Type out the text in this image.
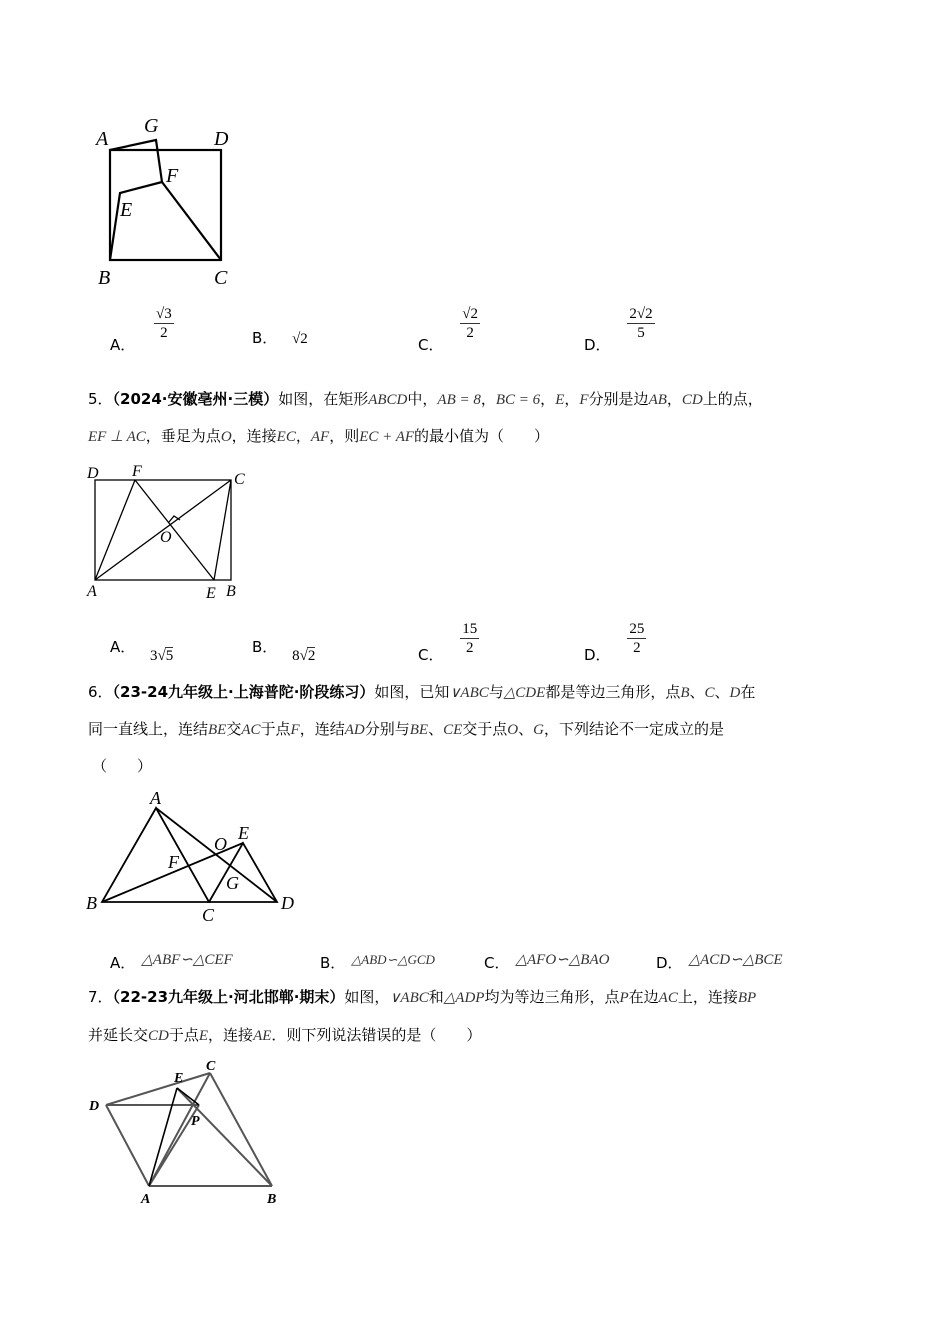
A
G
D
F
E
B	C
A．
$\frac{√3}{2}$	B． √2	C．
$\frac{√2}{2}$
D．
$\frac{2√2}{5}$
5．（2024·安徽亳州·三模）如图，在矩形ABCD中，AB = 8，BC = 6，E，F分别是边AB，CD上的点，
EF ⊥ AC，垂足为点O，连接EC，AF，则EC + AF的最小值为（　　）
D F	C
O
A	E B
A． 3√5	B． 8√2	C． $\frac{15}{2}$	D． $\frac{25}{2}$
6．（23-24九年级上·上海普陀·阶段练习）如图，已知∨ABC与△CDE都是等边三角形，点B、C、D在
同一直线上，连结BE交AC于点F，连结AD分别与BE、CE交于点O、G，下列结论不一定成立的是
（　　）
A
O
E
F
G
B
C
D
A． △ABF∽△CEF	B． △ABD∽△GCD	C． △AFO∽△BAO	D． △ACD∽△BCE
7．（22-23九年级上·河北邯郸·期末）如图，∨ABC和△ADP均为等边三角形，点P在边AC上，连接BP
并延长交CD于点E，连接AE．则下列说法错误的是（　　）
E
C
D
P
A	B
